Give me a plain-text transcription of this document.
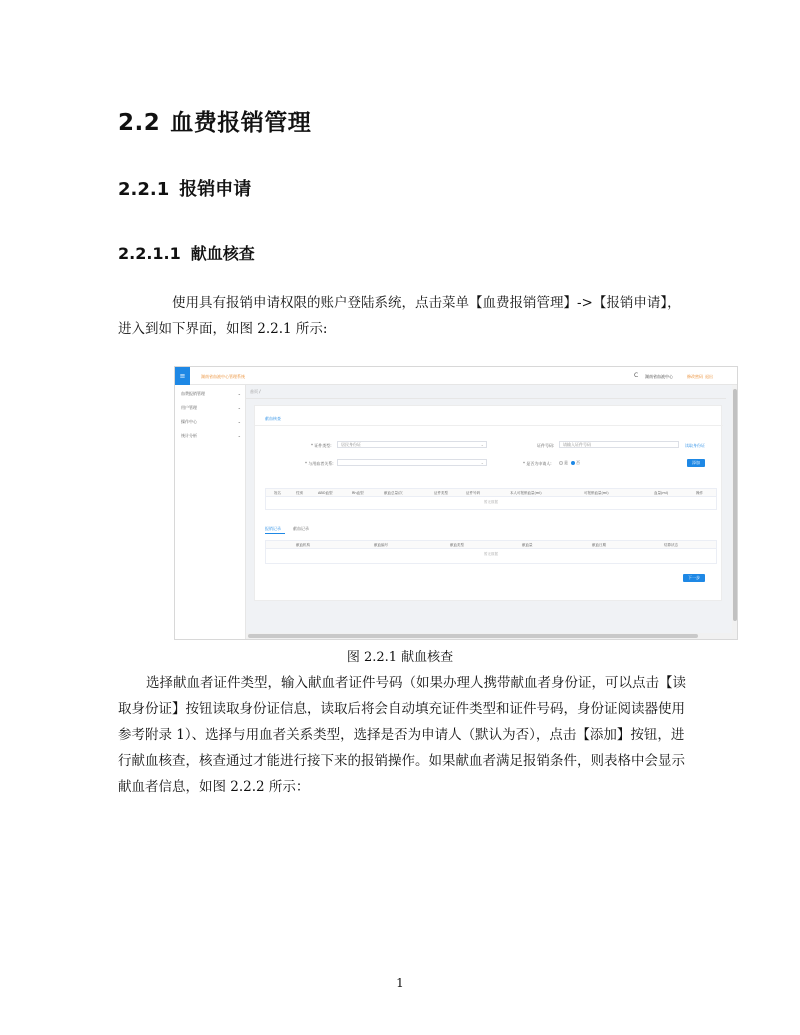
2.2 血费报销管理
2.2.1 报销申请
2.2.1.1 献血核查

使用具有报销申请权限的账户登陆系统，点击菜单【血费报销管理】->【报销申请】，进入到如下界面，如图 2.2.1 所示:

≡	湖南省血液中心管理系统	C 湖南省血液中心	修改密码 退出
血费报销管理	⌄
用户管理	⌄
操作中心	⌄
统计分析	⌄
首页 /
献血核查
* 证件类型:	居民身份证	⌄	证件号码:	请输入证件号码	读取身份证
* 与用血者关系:	⌄	* 是否为申请人:	是	否	添加
姓名	性别	ABO血型	Rh血型	献血总量/次	证件类型	证件号码	本人可报销血量(ml)	可报销血量(ml)	血量(ml)	操作
暂无数据
报销记录	献血记录
献血机构	献血编号	献血类型	献血量	献血日期	结算状态
暂无数据
下一步
图 2.2.1 献血核查

选择献血者证件类型，输入献血者证件号码（如果办理人携带献血者身份证，可以点击【读取身份证】按钮读取身份证信息，读取后将会自动填充证件类型和证件号码，身份证阅读器使用参考附录 1）、选择与用血者关系类型，选择是否为申请人（默认为否），点击【添加】按钮，进行献血核查，核查通过才能进行接下来的报销操作。如果献血者满足报销条件，则表格中会显示献血者信息，如图 2.2.2 所示：

1
